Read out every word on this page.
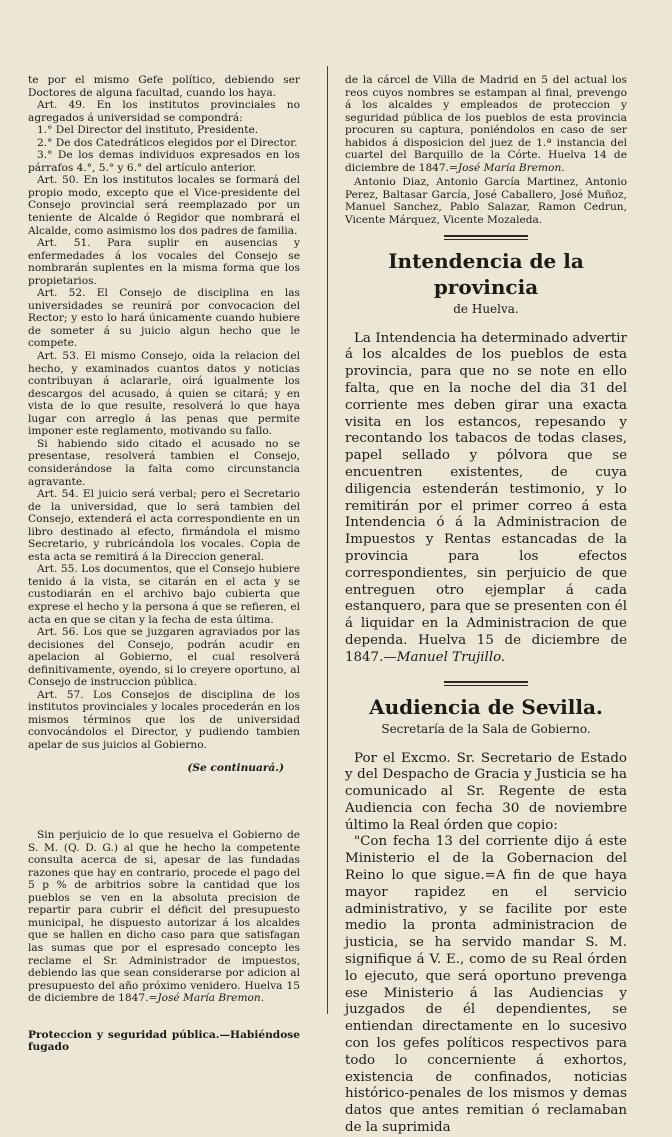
te por el mismo Gefe político, debiendo ser Doctores de alguna facultad, cuando los haya.

Art. 49. En los institutos provinciales no agregados á universidad se compondrá:

1.° Del Director del instituto, Presidente.

2.° De dos Catedráticos elegidos por el Director.

3.° De los demas individuos expresados en los párrafos 4.°, 5.° y 6.° del artículo anterior.

Art. 50. En los institutos locales se formará del propio modo, excepto que el Vice-presidente del Consejo provincial será reemplazado por un teniente de Alcalde ó Regidor que nombrará el Alcalde, como asimismo los dos padres de familia.

Art. 51. Para suplir en ausencias y enfermedades á los vocales del Consejo se nombrarán suplentes en la misma forma que los propietarios.

Art. 52. El Consejo de disciplina en las universidades se reunirá por convocacion del Rector; y esto lo hará únicamente cuando hubiere de someter á su juicio algun hecho que le compete.

Art. 53. El mismo Consejo, oida la relacion del hecho, y examinados cuantos datos y noticias contribuyan á aclararle, oirá igualmente los descargos del acusado, á quien se citará; y en vista de lo que resulte, resolverá lo que haya lugar con arreglo á las penas que permite imponer este reglamento, motivando su fallo.

Si habiendo sido citado el acusado no se presentase, resolverá tambien el Consejo, considerándose la falta como circunstancia agravante.

Art. 54. El juicio será verbal; pero el Secretario de la universidad, que lo será tambien del Consejo, extenderá el acta correspondiente en un libro destinado al efecto, firmándola el mismo Secretario, y rubricándola los vocales. Copia de esta acta se remitirá á la Direccion general.

Art. 55. Los documentos, que el Consejo hubiere tenido á la vista, se citarán en el acta y se custodiarán en el archivo bajo cubierta que exprese el hecho y la persona á que se refieren, el acta en que se citan y la fecha de esta última.

Art. 56. Los que se juzgaren agraviados por las decisiones del Consejo, podrán acudir en apelacion al Gobierno, el cual resolverá definitivamente, oyendo, si lo creyere oportuno, al Consejo de instruccion pública.

Art. 57. Los Consejos de disciplina de los institutos provinciales y locales procederán en los mismos términos que los de universidad convocándolos el Director, y pudiendo tambien apelar de sus juicios al Gobierno.

(Se continuará.)

Sin perjuicio de lo que resuelva el Gobierno de S. M. (Q. D. G.) al que he hecho la competente consulta acerca de si, apesar de las fundadas razones que hay en contrario, procede el pago del 5 p % de arbitrios sobre la cantidad que los pueblos se ven en la absoluta precision de repartir para cubrir el déficit del presupuesto municipal, he dispuesto autorizar á los alcaldes que se hallen en dicho caso para que satisfagan las sumas que por el espresado concepto les reclame el Sr. Administrador de impuestos, debiendo las que sean considerarse por adicion al presupuesto del año próximo venidero. Huelva 15 de diciembre de 1847.=José María Bremon.

Proteccion y seguridad pública.—Habiéndose fugado

de la cárcel de Villa de Madrid en 5 del actual los reos cuyos nombres se estampan al final, prevengo á los alcaldes y empleados de proteccion y seguridad pública de los pueblos de esta provincia procuren su captura, poniéndolos en caso de ser habidos á disposicion del juez de 1.ª instancia del cuartel del Barquillo de la Córte. Huelva 14 de diciembre de 1847.=José María Bremon.

Antonio Diaz, Antonio García Martinez, Antonio Perez, Baltasar García, José Caballero, José Muñoz, Manuel Sanchez, Pablo Salazar, Ramon Cedrun, Vicente Márquez, Vicente Mozaleda.

Intendencia de la provincia
de Huelva.

La Intendencia ha determinado advertir á los alcaldes de los pueblos de esta provincia, para que no se note en ello falta, que en la noche del dia 31 del corriente mes deben girar una exacta visita en los estancos, repesando y recontando los tabacos de todas clases, papel sellado y pólvora que se encuentren existentes, de cuya diligencia estenderán testimonio, y lo remitirán por el primer correo á esta Intendencia ó á la Administracion de Impuestos y Rentas estancadas de la provincia para los efectos correspondientes, sin perjuicio de que entreguen otro ejemplar á cada estanquero, para que se presenten con él á liquidar en la Administracion de que dependa. Huelva 15 de diciembre de 1847.—Manuel Trujillo.

Audiencia de Sevilla.
Secretaría de la Sala de Gobierno.

Por el Excmo. Sr. Secretario de Estado y del Despacho de Gracia y Justicia se ha comunicado al Sr. Regente de esta Audiencia con fecha 30 de noviembre último la Real órden que copio:

"Con fecha 13 del corriente dijo á este Ministerio el de la Gobernacion del Reino lo que sigue.=A fin de que haya mayor rapidez en el servicio administrativo, y se facilite por este medio la pronta administracion de justicia, se ha servido mandar S. M. signifique á V. E., como de su Real órden lo ejecuto, que será oportuno prevenga ese Ministerio á las Audiencias y juzgados de él dependientes, se entiendan directamente en lo sucesivo con los gefes políticos respectivos para todo lo concerniente á exhortos, existencia de confinados, noticias histórico-penales de los mismos y demas datos que antes remitian ó reclamaban de la suprimida
